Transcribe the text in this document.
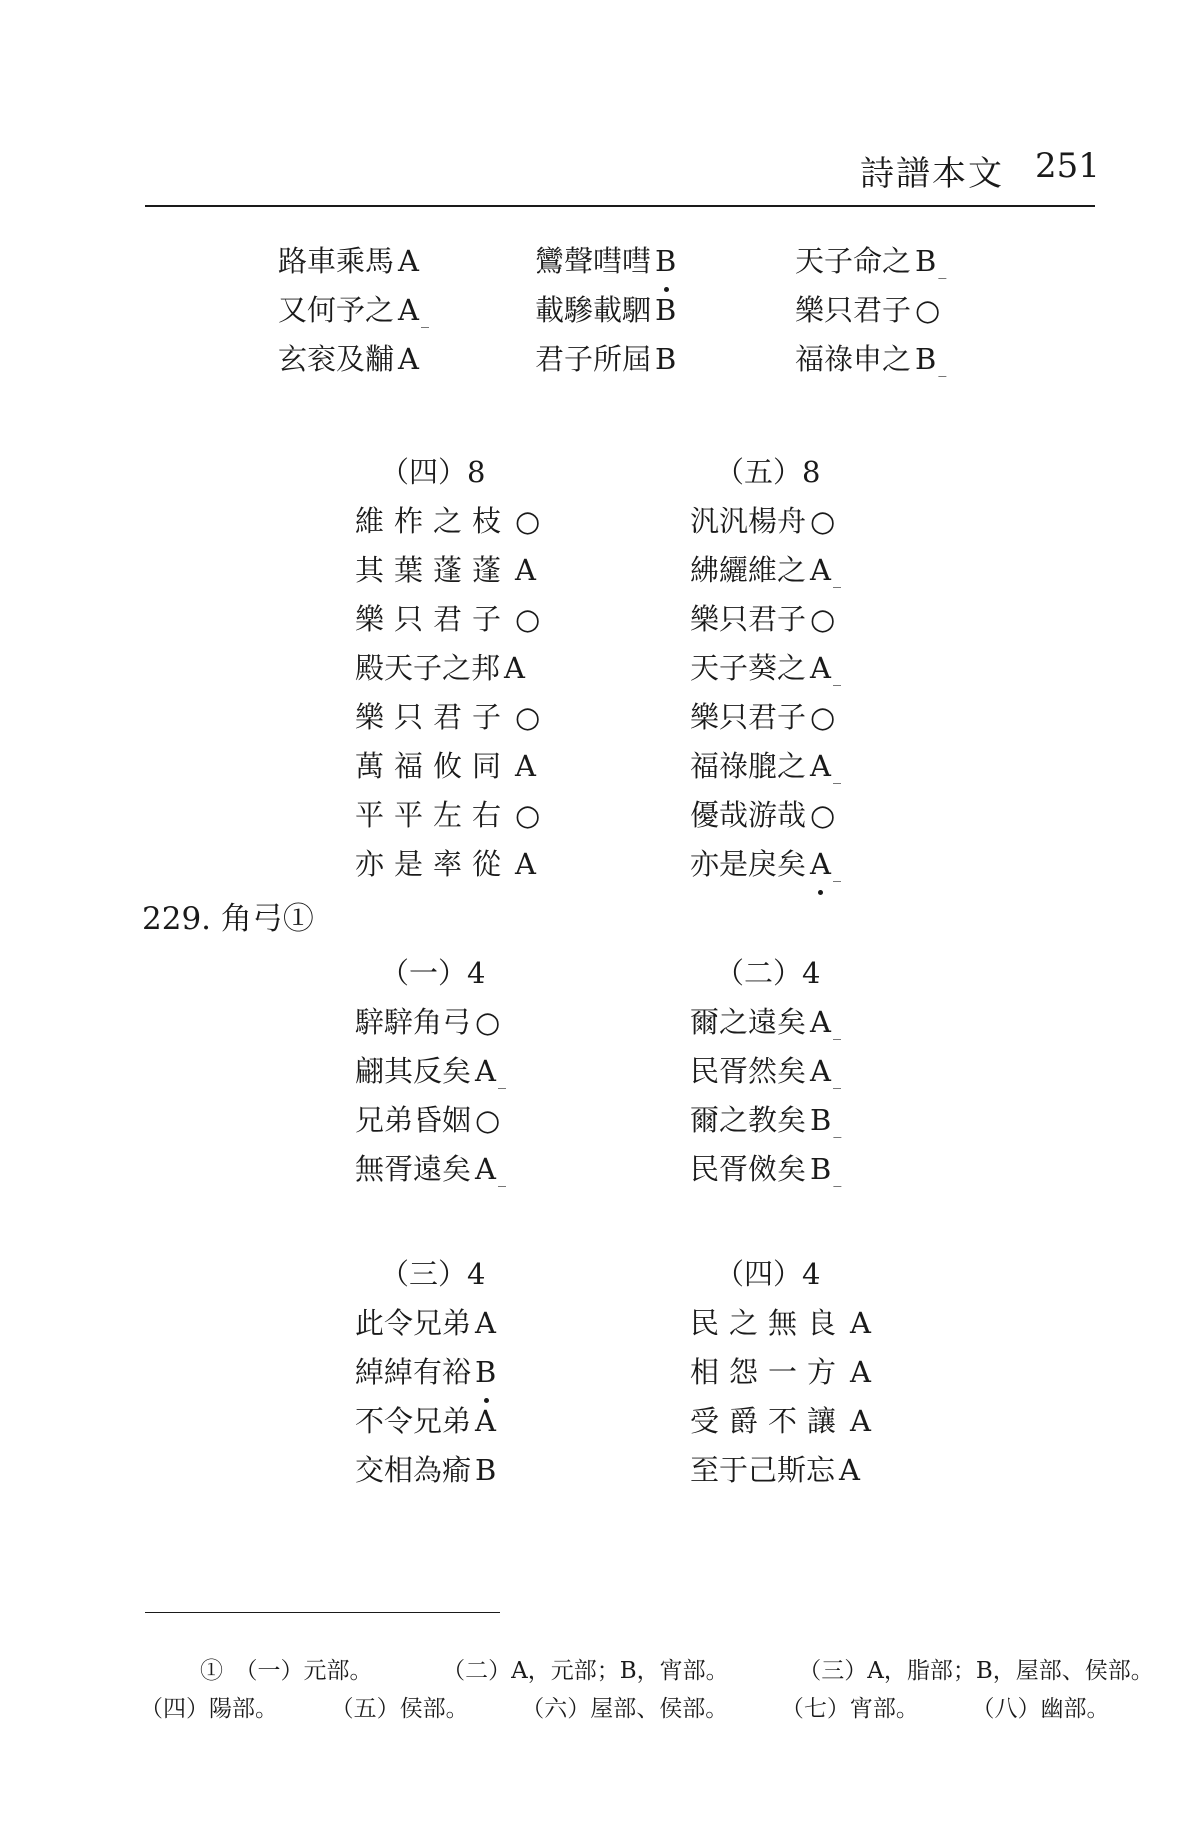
詩譜本文 251
路車乘馬 A
又何予之 A $_{\_}$
玄衮及黼 A
鸞聲嘒嘒 B
載驂載駟 B
君子所屆 B
天子命之 B $_{\_}$
樂只君子 ○
福祿申之 B $_{\_}$
（四）8
維柞之枝 ○
其葉蓬蓬 A
樂只君子 ○
殿天子之邦 A
樂只君子 ○
萬福攸同 A
平平左右 ○
亦是率從 A
（五）8
汎汎楊舟 ○
紼纚維之 A $_{\_}$
樂只君子 ○
天子葵之 A $_{\_}$
樂只君子 ○
福祿膍之 A $_{\_}$
優哉游哉 ○
亦是戾矣 A $_{\_}$
229. 角弓①
（一）4
騂騂角弓 ○
翩其反矣 A $_{\_}$
兄弟昏姻 ○
無胥遠矣 A $_{\_}$
（二）4
爾之遠矣 A $_{\_}$
民胥然矣 A $_{\_}$
爾之教矣 B $_{\_}$
民胥傚矣 B $_{\_}$
（三）4
此令兄弟 A
綽綽有裕 B
不令兄弟 A
交相為瘉 B
（四）4
民之無良 A
相怨一方 A
受爵不讓 A
至于己斯忘 A
①　（一）元部。	（二）A，元部；B，宵部。	（三）A，脂部；B，屋部、侯部。
（四）陽部。 （五）侯部。 （六）屋部、侯部。 （七）宵部。 （八）幽部。
